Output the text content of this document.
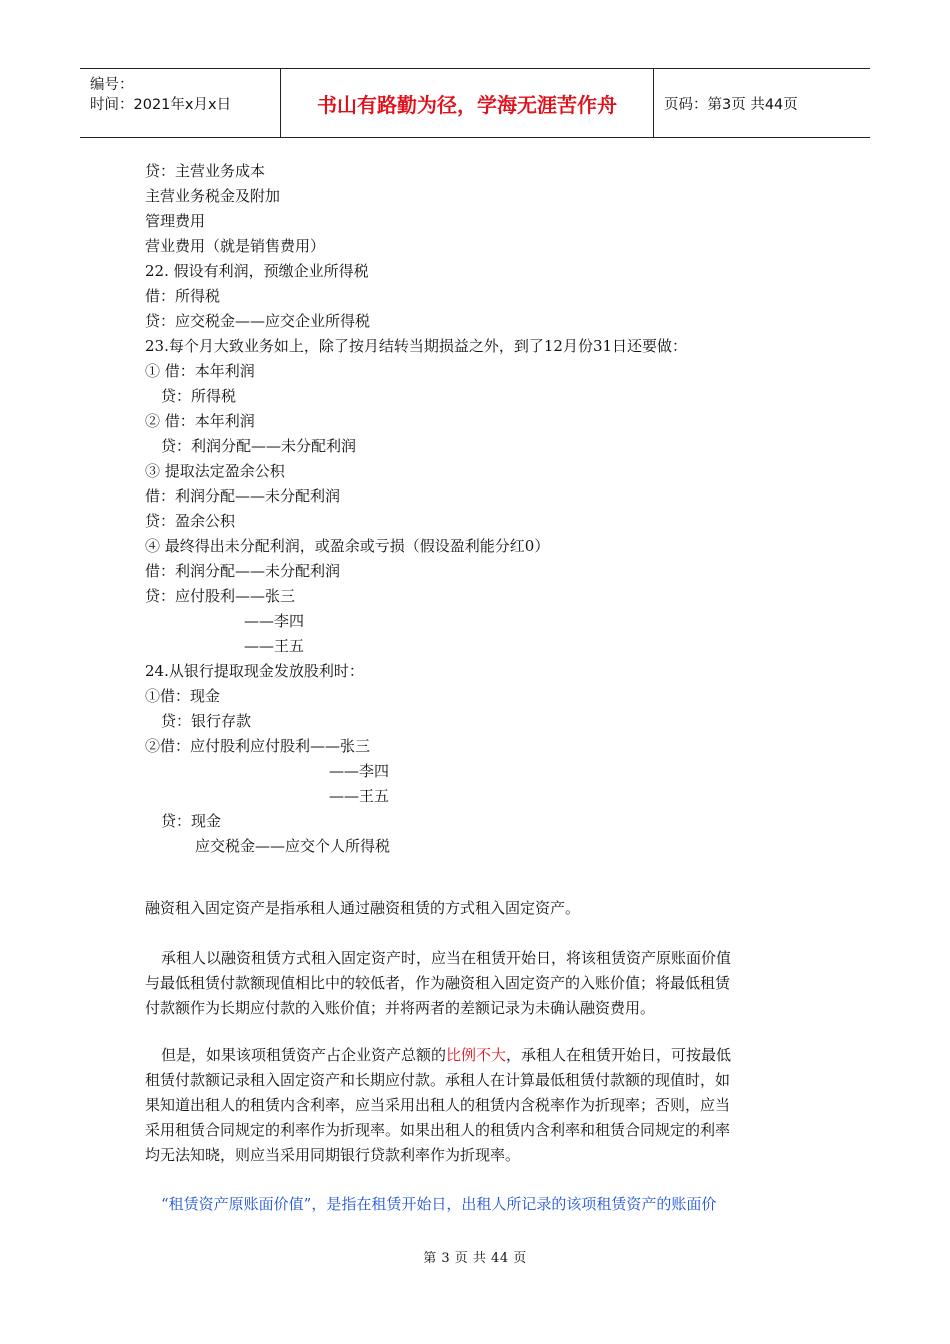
编号：
时间：2021年x月x日	书山有路勤为径，学海无涯苦作舟	页码：第3页 共44页
贷：主营业务成本
主营业务税金及附加
管理费用
营业费用（就是销售费用）
22. 假设有利润，预缴企业所得税
借：所得税
贷：应交税金——应交企业所得税
23.每个月大致业务如上，除了按月结转当期损益之外，到了12月份31日还要做：
① 借：本年利润
贷：所得税
② 借：本年利润
贷：利润分配——未分配利润
③ 提取法定盈余公积
借：利润分配——未分配利润
贷：盈余公积
④ 最终得出未分配利润，或盈余或亏损（假设盈利能分红0）
借：利润分配——未分配利润
贷：应付股利——张三
——李四
——王五
24.从银行提取现金发放股利时：
①借：现金
贷：银行存款
②借：应付股利应付股利——张三
——李四
——王五
贷：现金
应交税金——应交个人所得税

融资租入固定资产是指承租人通过融资租赁的方式租入固定资产。

承租人以融资租赁方式租入固定资产时，应当在租赁开始日，将该租赁资产原账面价值

与最低租赁付款额现值相比中的较低者，作为融资租入固定资产的入账价值；将最低租赁

付款额作为长期应付款的入账价值；并将两者的差额记录为未确认融资费用。

但是，如果该项租赁资产占企业资产总额的比例不大，承租人在租赁开始日，可按最低

租赁付款额记录租入固定资产和长期应付款。承租人在计算最低租赁付款额的现值时，如

果知道出租人的租赁内含利率，应当采用出租人的租赁内含税率作为折现率；否则，应当

采用租赁合同规定的利率作为折现率。如果出租人的租赁内含利率和租赁合同规定的利率

均无法知晓，则应当采用同期银行贷款利率作为折现率。

“租赁资产原账面价值”，是指在租赁开始日，出租人所记录的该项租赁资产的账面价

第 3 页 共 44 页
